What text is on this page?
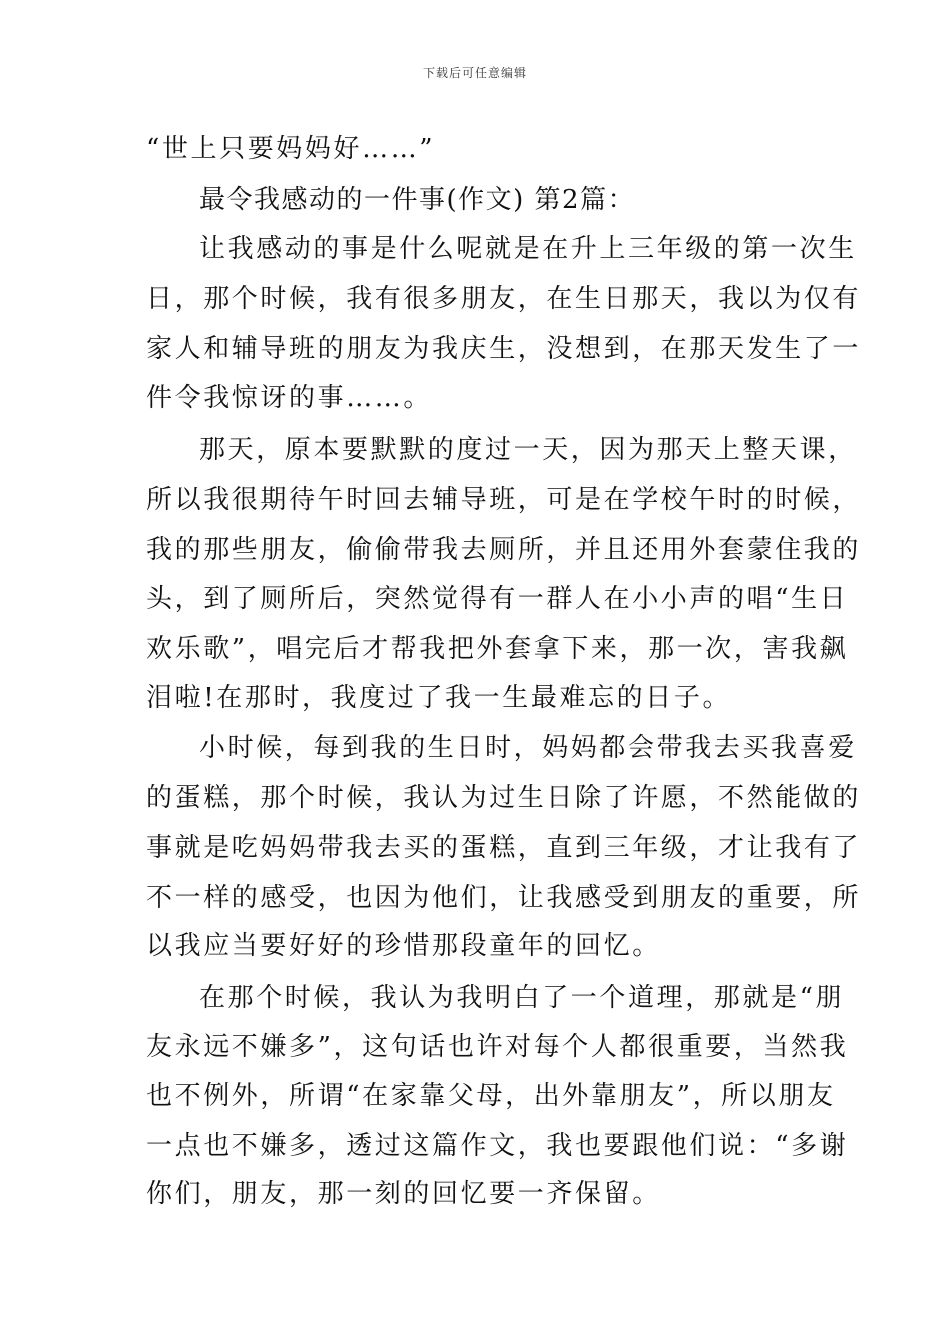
下载后可任意编辑
“世上只要妈妈好……”
最令我感动的一件事(作文) 第2篇：
让我感动的事是什么呢就是在升上三年级的第一次生
日，那个时候，我有很多朋友，在生日那天，我以为仅有
家人和辅导班的朋友为我庆生，没想到，在那天发生了一
件令我惊讶的事……。
那天，原本要默默的度过一天，因为那天上整天课，
所以我很期待午时回去辅导班，可是在学校午时的时候，
我的那些朋友，偷偷带我去厕所，并且还用外套蒙住我的
头，到了厕所后，突然觉得有一群人在小小声的唱“生日
欢乐歌”，唱完后才帮我把外套拿下来，那一次，害我飙
泪啦!在那时，我度过了我一生最难忘的日子。
小时候，每到我的生日时，妈妈都会带我去买我喜爱
的蛋糕，那个时候，我认为过生日除了许愿，不然能做的
事就是吃妈妈带我去买的蛋糕，直到三年级，才让我有了
不一样的感受，也因为他们，让我感受到朋友的重要，所
以我应当要好好的珍惜那段童年的回忆。
在那个时候，我认为我明白了一个道理，那就是“朋
友永远不嫌多”，这句话也许对每个人都很重要，当然我
也不例外，所谓“在家靠父母，出外靠朋友”，所以朋友
一点也不嫌多，透过这篇作文，我也要跟他们说：“多谢
你们，朋友，那一刻的回忆要一齐保留。
